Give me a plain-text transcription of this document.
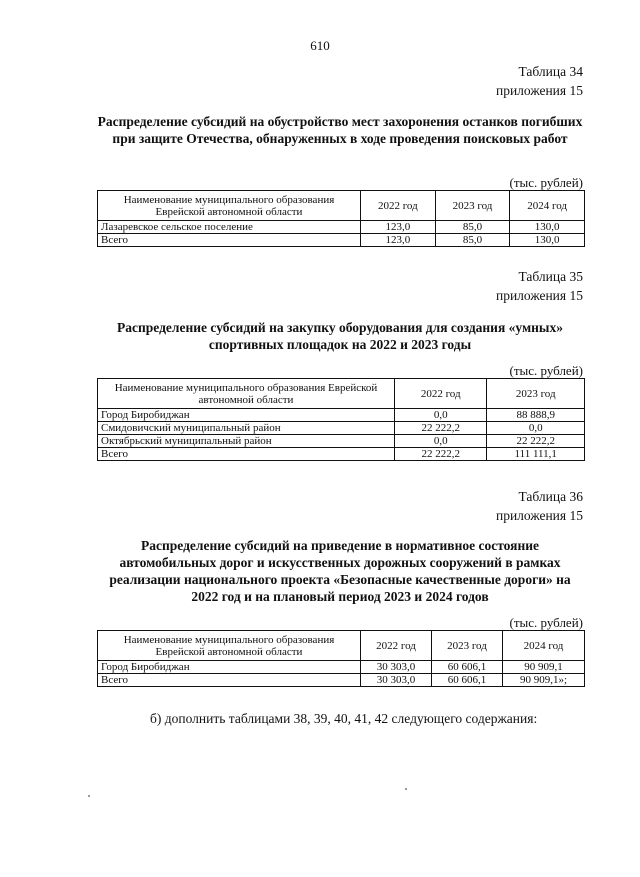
610
Таблица 34
приложения 15
Распределение субсидий на обустройство мест захоронения останков погибших при защите Отечества, обнаруженных в ходе проведения поисковых работ
(тыс. рублей)
Наименование муниципального образования Еврейской автономной области	2022 год	2023 год	2024 год
Лазаревское сельское поселение	123,0	85,0	130,0
Всего	123,0	85,0	130,0
Таблица 35
приложения 15
Распределение субсидий на закупку оборудования для создания «умных» спортивных площадок на 2022 и 2023 годы
(тыс. рублей)
Наименование муниципального образования Еврейской автономной области	2022 год	2023 год
Город Биробиджан	0,0	88 888,9
Смидовичский муниципальный район	22 222,2	0,0
Октябрьский муниципальный район	0,0	22 222,2
Всего	22 222,2	111 111,1
Таблица 36
приложения 15
Распределение субсидий на приведение в нормативное состояние автомобильных дорог и искусственных дорожных сооружений в рамках реализации национального проекта «Безопасные качественные дороги» на 2022 год и на плановый период 2023 и 2024 годов
(тыс. рублей)
Наименование муниципального образования Еврейской автономной области	2022 год	2023 год	2024 год
Город Биробиджан	30 303,0	60 606,1	90 909,1
Всего	30 303,0	60 606,1	90 909,1»;
б) дополнить таблицами 38, 39, 40, 41, 42 следующего содержания:
